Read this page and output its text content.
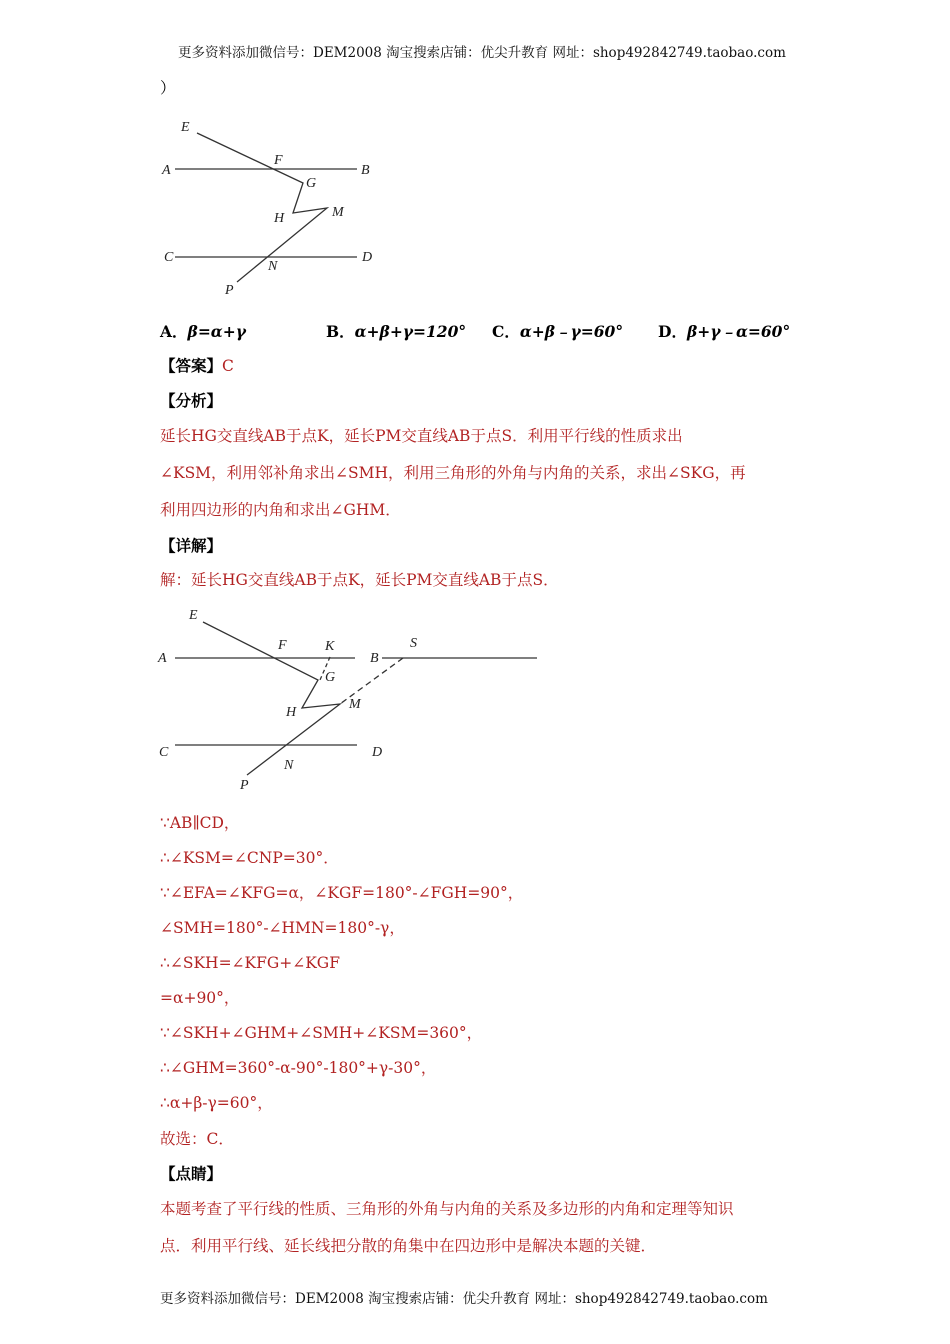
更多资料添加微信号：DEM2008 淘宝搜索店铺：优尖升教育 网址：shop492842749.taobao.com
）
E
A
F
B
G
H	M
C	D
N
P
A．β=α+γ	B．α+β+γ=120° C．α+β﹣γ=60° D．β+γ﹣α=60°
【答案】C
【分析】
延长HG交直线AB于点K，延长PM交直线AB于点S．利用平行线的性质求出
∠KSM，利用邻补角求出∠SMH，利用三角形的外角与内角的关系，求出∠SKG，再
利用四边形的内角和求出∠GHM．
【详解】
解：延长HG交直线AB于点K，延长PM交直线AB于点S．
E
A
F	K
B
S
G
H
M
C	D
N
P
∵AB∥CD，
∴∠KSM=∠CNP=30°．
∵∠EFA=∠KFG=α，∠KGF=180°-∠FGH=90°，
∠SMH=180°-∠HMN=180°-γ，
∴∠SKH=∠KFG+∠KGF
=α+90°，
∵∠SKH+∠GHM+∠SMH+∠KSM=360°，
∴∠GHM=360°-α-90°-180°+γ-30°，
∴α+β-γ=60°，
故选：C．
【点睛】
本题考查了平行线的性质、三角形的外角与内角的关系及多边形的内角和定理等知识
点．利用平行线、延长线把分散的角集中在四边形中是解决本题的关键．
更多资料添加微信号：DEM2008 淘宝搜索店铺：优尖升教育 网址：shop492842749.taobao.com
